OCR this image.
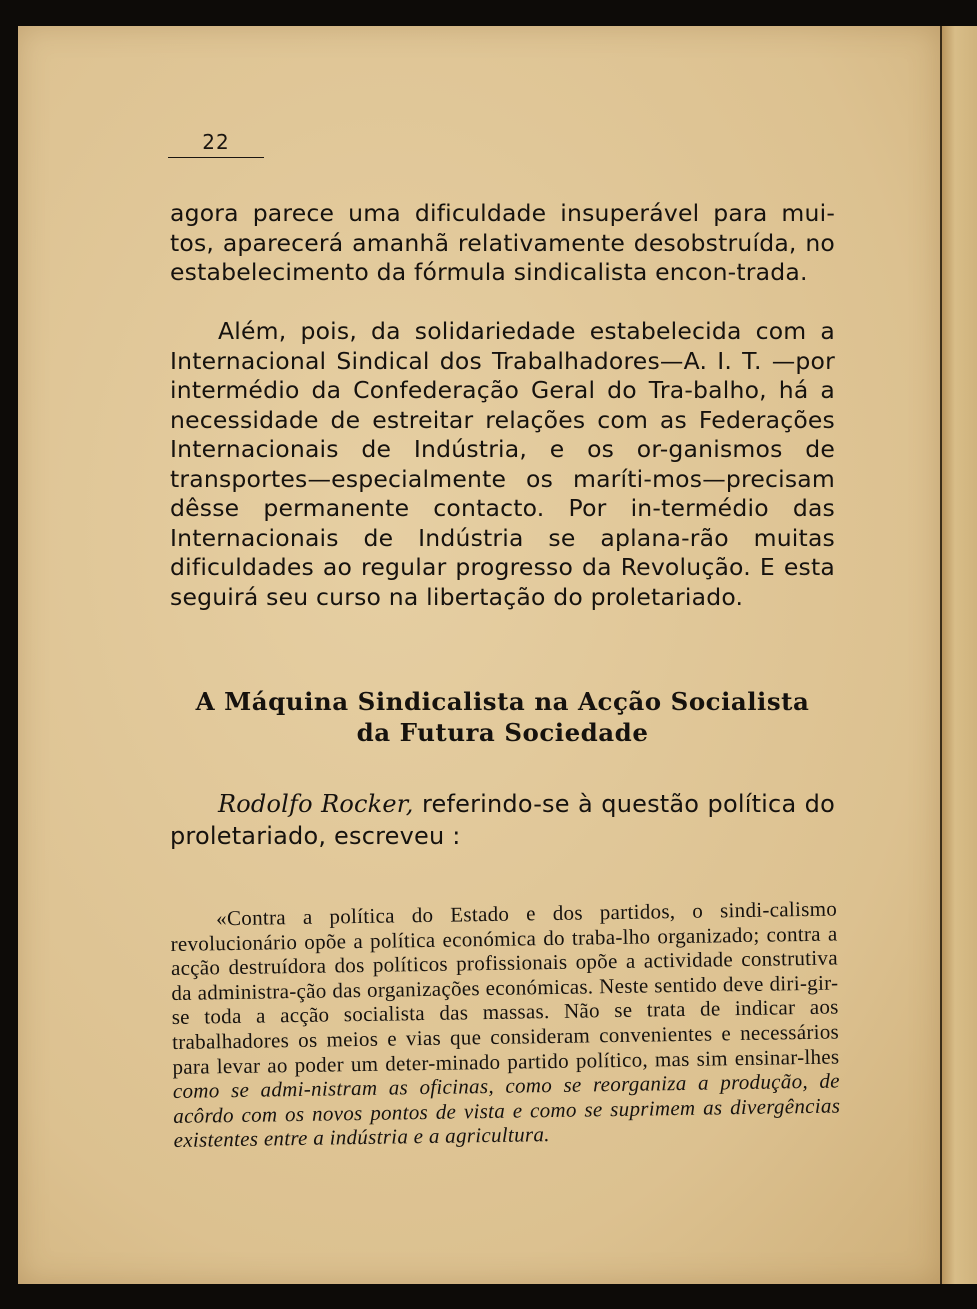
22

agora parece uma dificuldade insuperável para mui-tos, aparecerá amanhã relativamente desobstruída, no estabelecimento da fórmula sindicalista encon-trada.

Além, pois, da solidariedade estabelecida com a Internacional Sindical dos Trabalhadores—A. I. T. —por intermédio da Confederação Geral do Tra-balho, há a necessidade de estreitar relações com as Federações Internacionais de Indústria, e os or-ganismos de transportes—especialmente os maríti-mos—precisam dêsse permanente contacto. Por in-termédio das Internacionais de Indústria se aplana-rão muitas dificuldades ao regular progresso da Revolução. E esta seguirá seu curso na libertação do proletariado.

A Máquina Sindicalista na Acção Socialista
da Futura Sociedade

Rodolfo Rocker, referindo-se à questão política do proletariado, escreveu :

«Contra a política do Estado e dos partidos, o sindi-calismo revolucionário opõe a política económica do traba-lho organizado; contra a acção destruídora dos políticos profissionais opõe a actividade construtiva da administra-ção das organizações económicas. Neste sentido deve diri-gir-se toda a acção socialista das massas. Não se trata de indicar aos trabalhadores os meios e vias que consideram convenientes e necessários para levar ao poder um deter-minado partido político, mas sim ensinar-lhes como se admi-nistram as oficinas, como se reorganiza a produção, de acôrdo com os novos pontos de vista e como se suprimem as divergências existentes entre a indústria e a agricultura.
